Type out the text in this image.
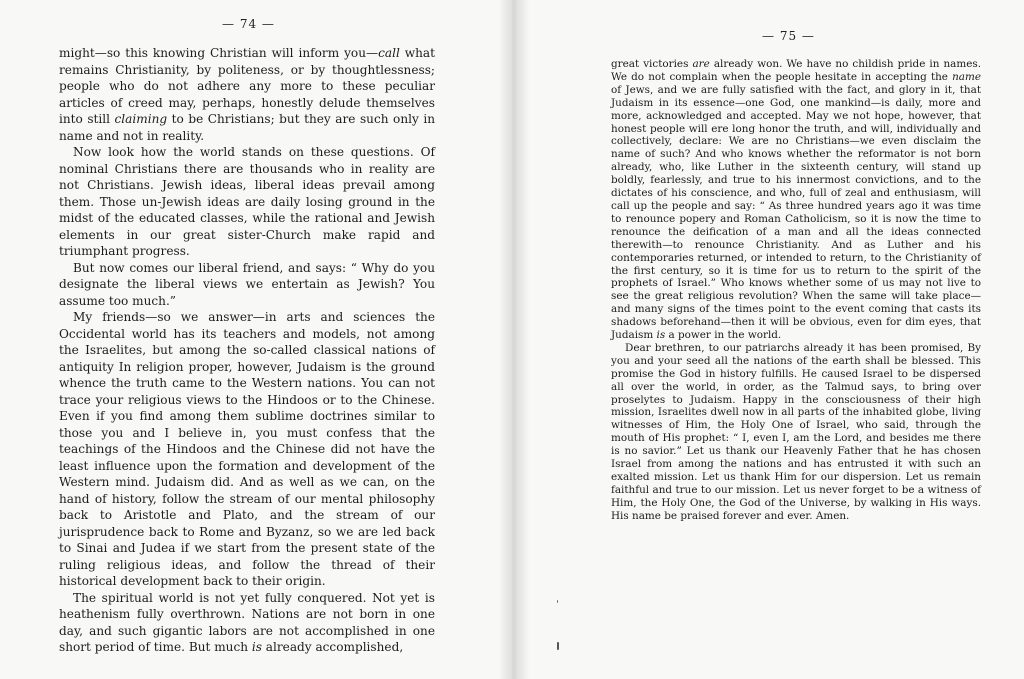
— 74 —

might—so this knowing Christian will inform you—call what remains Christianity, by politeness, or by thoughtlessness; people who do not adhere any more to these peculiar articles of creed may, perhaps, honestly delude themselves into still claiming to be Christians; but they are such only in name and not in reality.

Now look how the world stands on these questions. Of nominal Christians there are thousands who in reality are not Christians. Jewish ideas, liberal ideas prevail among them. Those un-Jewish ideas are daily losing ground in the midst of the educated classes, while the rational and Jewish elements in our great sister-Church make rapid and triumphant progress.

But now comes our liberal friend, and says: “ Why do you designate the liberal views we entertain as Jewish? You assume too much.”

My friends—so we answer—in arts and sciences the Occidental world has its teachers and models, not among the Israelites, but among the so-called classical nations of antiquity In religion proper, however, Judaism is the ground whence the truth came to the Western nations. You can not trace your religious views to the Hindoos or to the Chinese. Even if you find among them sublime doctrines similar to those you and I believe in, you must confess that the teachings of the Hindoos and the Chinese did not have the least influence upon the formation and development of the Western mind. Judaism did. And as well as we can, on the hand of history, follow the stream of our mental philosophy back to Aristotle and Plato, and the stream of our jurisprudence back to Rome and Byzanz, so we are led back to Sinai and Judea if we start from the present state of the ruling religious ideas, and follow the thread of their historical development back to their origin.

The spiritual world is not yet fully conquered. Not yet is heathenism fully overthrown. Nations are not born in one day, and such gigantic labors are not accomplished in one short period of time. But much is already accomplished,

— 75 —

great victories are already won. We have no childish pride in names. We do not complain when the people hesitate in accepting the name of Jews, and we are fully satisfied with the fact, and glory in it, that Judaism in its essence—one God, one mankind—is daily, more and more, acknowledged and accepted. May we not hope, however, that honest people will ere long honor the truth, and will, individually and collectively, declare: We are no Christians—we even disclaim the name of such? And who knows whether the reformator is not born already, who, like Luther in the sixteenth century, will stand up boldly, fearlessly, and true to his innermost convictions, and to the dictates of his conscience, and who, full of zeal and enthusiasm, will call up the people and say: “ As three hundred years ago it was time to renounce popery and Roman Catholicism, so it is now the time to renounce the deification of a man and all the ideas connected therewith—to renounce Christianity. And as Luther and his contemporaries returned, or intended to return, to the Christianity of the first century, so it is time for us to return to the spirit of the prophets of Israel.” Who knows whether some of us may not live to see the great religious revolution? When the same will take place—and many signs of the times point to the event coming that casts its shadows beforehand—then it will be obvious, even for dim eyes, that Judaism is a power in the world.

Dear brethren, to our patriarchs already it has been promised, By you and your seed all the nations of the earth shall be blessed. This promise the God in history fulfills. He caused Israel to be dispersed all over the world, in order, as the Talmud says, to bring over proselytes to Judaism. Happy in the consciousness of their high mission, Israelites dwell now in all parts of the inhabited globe, living witnesses of Him, the Holy One of Israel, who said, through the mouth of His prophet: “ I, even I, am the Lord, and besides me there is no savior.” Let us thank our Heavenly Father that he has chosen Israel from among the nations and has entrusted it with such an exalted mission. Let us thank Him for our dispersion. Let us remain faithful and true to our mission. Let us never forget to be a witness of Him, the Holy One, the God of the Universe, by walking in His ways. His name be praised forever and ever. Amen.
